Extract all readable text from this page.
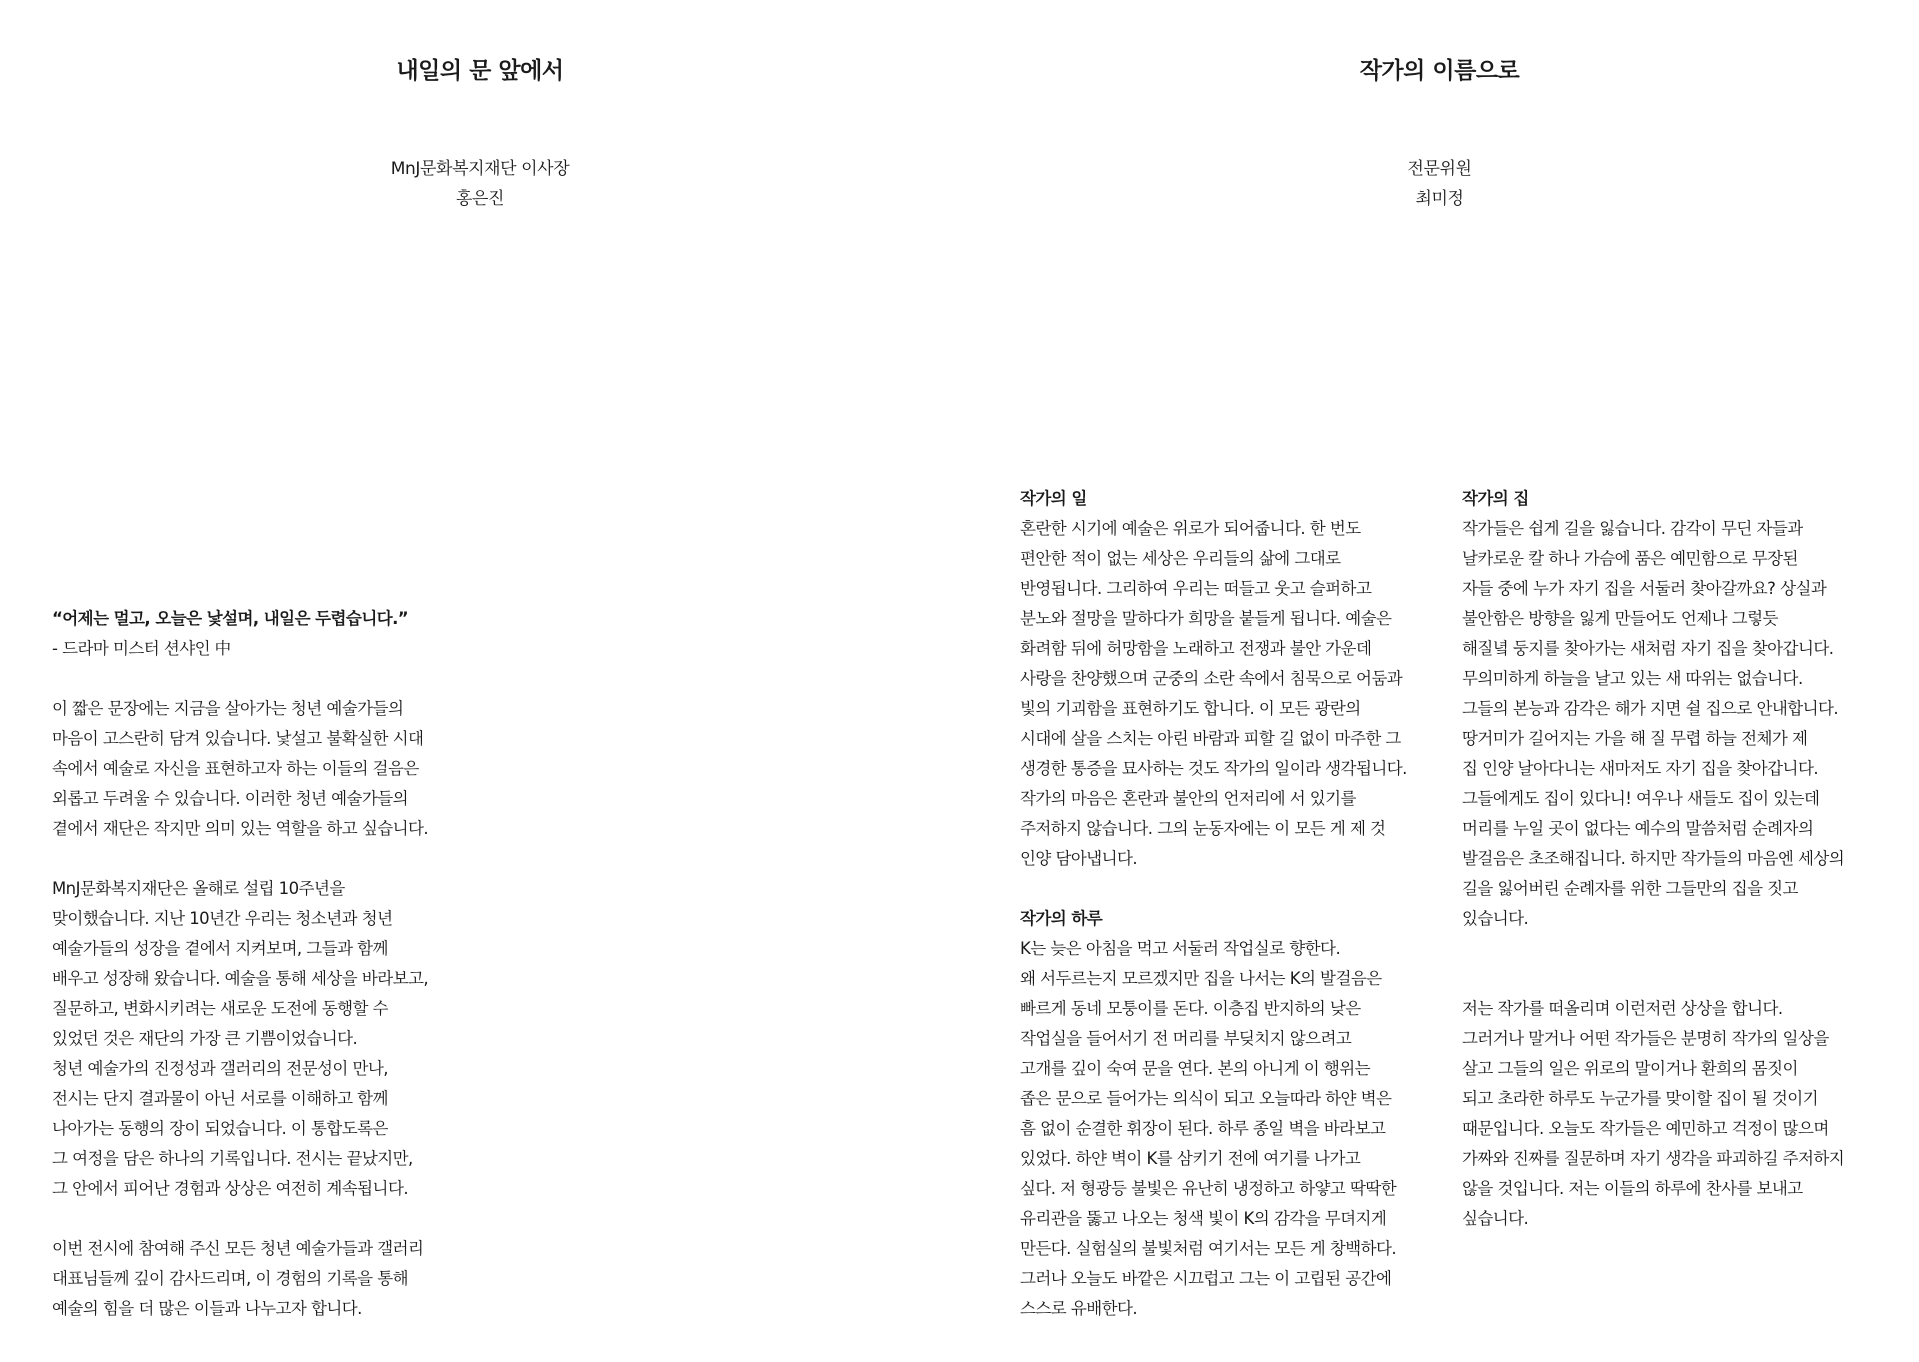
내일의 문 앞에서
MnJ문화복지재단 이사장
홍은진
“어제는 멀고, 오늘은 낯설며, 내일은 두렵습니다.”
- 드라마 미스터 션샤인 中
이 짧은 문장에는 지금을 살아가는 청년 예술가들의
마음이 고스란히 담겨 있습니다. 낯설고 불확실한 시대
속에서 예술로 자신을 표현하고자 하는 이들의 걸음은
외롭고 두려울 수 있습니다. 이러한 청년 예술가들의
곁에서 재단은 작지만 의미 있는 역할을 하고 싶습니다.
MnJ문화복지재단은 올해로 설립 10주년을
맞이했습니다. 지난 10년간 우리는 청소년과 청년
예술가들의 성장을 곁에서 지켜보며, 그들과 함께
배우고 성장해 왔습니다. 예술을 통해 세상을 바라보고,
질문하고, 변화시키려는 새로운 도전에 동행할 수
있었던 것은 재단의 가장 큰 기쁨이었습니다.
청년 예술가의 진정성과 갤러리의 전문성이 만나,
전시는 단지 결과물이 아닌 서로를 이해하고 함께
나아가는 동행의 장이 되었습니다. 이 통합도록은
그 여정을 담은 하나의 기록입니다. 전시는 끝났지만,
그 안에서 피어난 경험과 상상은 여전히 계속됩니다.
이번 전시에 참여해 주신 모든 청년 예술가들과 갤러리
대표님들께 깊이 감사드리며, 이 경험의 기록을 통해
예술의 힘을 더 많은 이들과 나누고자 합니다.
작가의 이름으로
전문위원
최미정
작가의 일
혼란한 시기에 예술은 위로가 되어줍니다. 한 번도
편안한 적이 없는 세상은 우리들의 삶에 그대로
반영됩니다. 그리하여 우리는 떠들고 웃고 슬퍼하고
분노와 절망을 말하다가 희망을 붙들게 됩니다. 예술은
화려함 뒤에 허망함을 노래하고 전쟁과 불안 가운데
사랑을 찬양했으며 군중의 소란 속에서 침묵으로 어둠과
빛의 기괴함을 표현하기도 합니다. 이 모든 광란의
시대에 살을 스치는 아린 바람과 피할 길 없이 마주한 그
생경한 통증을 묘사하는 것도 작가의 일이라 생각됩니다.
작가의 마음은 혼란과 불안의 언저리에 서 있기를
주저하지 않습니다. 그의 눈동자에는 이 모든 게 제 것
인양 담아냅니다.
작가의 하루
K는 늦은 아침을 먹고 서둘러 작업실로 향한다.
왜 서두르는지 모르겠지만 집을 나서는 K의 발걸음은
빠르게 동네 모퉁이를 돈다. 이층집 반지하의 낮은
작업실을 들어서기 전 머리를 부딪치지 않으려고
고개를 깊이 숙여 문을 연다. 본의 아니게 이 행위는
좁은 문으로 들어가는 의식이 되고 오늘따라 하얀 벽은
흠 없이 순결한 휘장이 된다. 하루 종일 벽을 바라보고
있었다. 하얀 벽이 K를 삼키기 전에 여기를 나가고
싶다. 저 형광등 불빛은 유난히 냉정하고 하얗고 딱딱한
유리관을 뚫고 나오는 청색 빛이 K의 감각을 무뎌지게
만든다. 실험실의 불빛처럼 여기서는 모든 게 창백하다.
그러나 오늘도 바깥은 시끄럽고 그는 이 고립된 공간에
스스로 유배한다.
작가의 집
작가들은 쉽게 길을 잃습니다. 감각이 무딘 자들과
날카로운 칼 하나 가슴에 품은 예민함으로 무장된
자들 중에 누가 자기 집을 서둘러 찾아갈까요? 상실과
불안함은 방향을 잃게 만들어도 언제나 그렇듯
해질녘 둥지를 찾아가는 새처럼 자기 집을 찾아갑니다.
무의미하게 하늘을 날고 있는 새 따위는 없습니다.
그들의 본능과 감각은 해가 지면 쉴 집으로 안내합니다.
땅거미가 길어지는 가을 해 질 무렵 하늘 전체가 제
집 인양 날아다니는 새마저도 자기 집을 찾아갑니다.
그들에게도 집이 있다니! 여우나 새들도 집이 있는데
머리를 누일 곳이 없다는 예수의 말씀처럼 순례자의
발걸음은 초조해집니다. 하지만 작가들의 마음엔 세상의
길을 잃어버린 순례자를 위한 그들만의 집을 짓고
있습니다.
저는 작가를 떠올리며 이런저런 상상을 합니다.
그러거나 말거나 어떤 작가들은 분명히 작가의 일상을
살고 그들의 일은 위로의 말이거나 환희의 몸짓이
되고 초라한 하루도 누군가를 맞이할 집이 될 것이기
때문입니다. 오늘도 작가들은 예민하고 걱정이 많으며
가짜와 진짜를 질문하며 자기 생각을 파괴하길 주저하지
않을 것입니다. 저는 이들의 하루에 찬사를 보내고
싶습니다.
